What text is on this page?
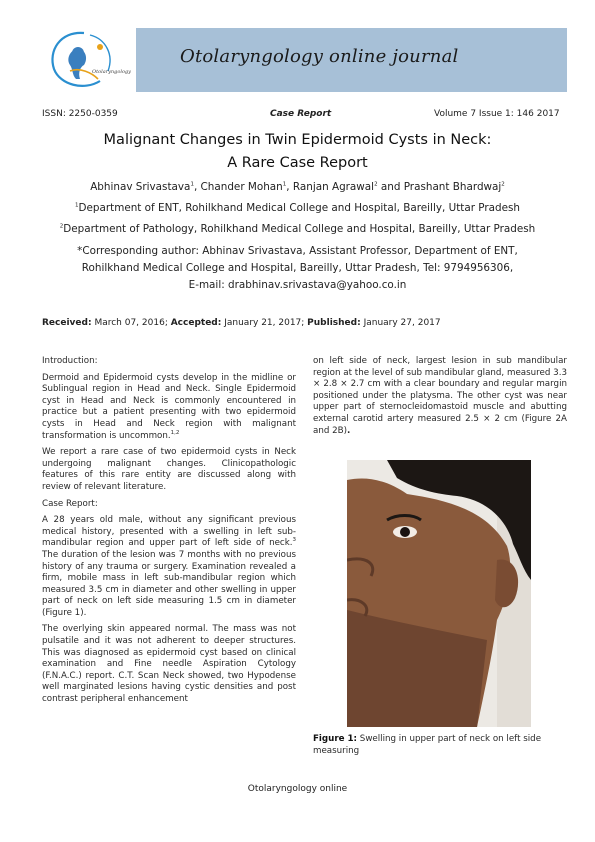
Otolaryngology
Otolaryngology online journal
ISSN: 2250-0359	Case Report	Volume 7 Issue 1: 146 2017
Malignant Changes in Twin Epidermoid Cysts in Neck:
A Rare Case Report
Abhinav Srivastava$^1$, Chander Mohan$^1$, Ranjan Agrawal$^2$ and Prashant Bhardwaj$^2$
$^1$Department of ENT, Rohilkhand Medical College and Hospital, Bareilly, Uttar Pradesh
$^2$Department of Pathology, Rohilkhand Medical College and Hospital, Bareilly, Uttar Pradesh
*Corresponding author: Abhinav Srivastava, Assistant Professor, Department of ENT,
Rohilkhand Medical College and Hospital, Bareilly, Uttar Pradesh, Tel: 9794956306,
E-mail: drabhinav.srivastava@yahoo.co.in
Received: March 07, 2016; Accepted: January 21, 2017; Published: January 27, 2017
Introduction:

Dermoid and Epidermoid cysts develop in the midline or Sublingual region in Head and Neck. Single Epidermoid cyst in Head and Neck is commonly encountered in practice but a patient presenting with two epidermoid cysts in Head and Neck region with malignant transformation is uncommon.$^{1,2}$

We report a rare case of two epidermoid cysts in Neck undergoing malignant changes. Clinicopathologic features of this rare entity are discussed along with review of relevant literature.

Case Report:

A 28 years old male, without any significant previous medical history, presented with a swelling in left sub-mandibular region and upper part of left side of neck.$^3$ The duration of the lesion was 7 months with no previous history of any trauma or surgery. Examination revealed a firm, mobile mass in left sub-mandibular region which measured 3.5 cm in diameter and other swelling in upper part of neck on left side measuring 1.5 cm in diameter (Figure 1).

The overlying skin appeared normal. The mass was not pulsatile and it was not adherent to deeper structures. This was diagnosed as epidermoid cyst based on clinical examination and Fine needle Aspiration Cytology (F.N.A.C.) report. C.T. Scan Neck showed, two Hypodense well marginated lesions having cystic densities and post contrast peripheral enhancement

on left side of neck, largest lesion in sub mandibular region at the level of sub mandibular gland, measured 3.3 × 2.8 × 2.7 cm with a clear boundary and regular margin positioned under the platysma. The other cyst was near upper part of sternocleidomastoid muscle and abutting external carotid artery measured 2.5 × 2 cm (Figure 2A and 2B).

Figure 1: Swelling in upper part of neck on left side measuring
Otolaryngology online
